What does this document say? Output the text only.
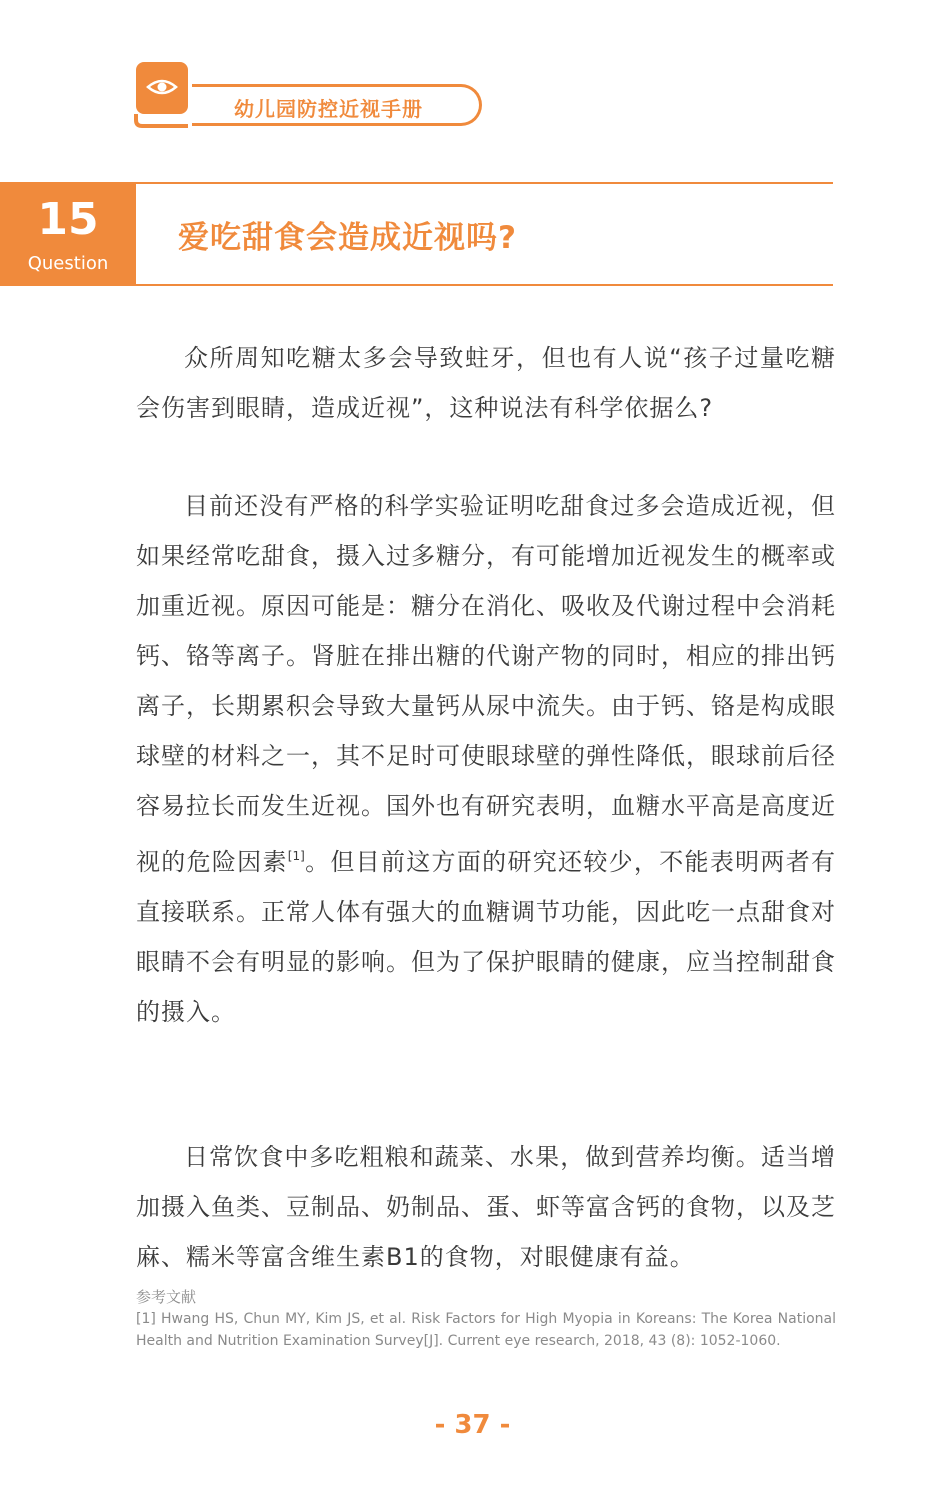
幼儿园防控近视手册
15
Question
爱吃甜食会造成近视吗?

众所周知吃糖太多会导致蛀牙，但也有人说“孩子过量吃糖会伤害到眼睛，造成近视”，这种说法有科学依据么?

目前还没有严格的科学实验证明吃甜食过多会造成近视，但如果经常吃甜食，摄入过多糖分，有可能增加近视发生的概率或加重近视。原因可能是：糖分在消化、吸收及代谢过程中会消耗钙、铬等离子。肾脏在排出糖的代谢产物的同时，相应的排出钙离子，长期累积会导致大量钙从尿中流失。由于钙、铬是构成眼球壁的材料之一，其不足时可使眼球壁的弹性降低，眼球前后径容易拉长而发生近视。国外也有研究表明，血糖水平高是高度近视的危险因素[1]。但目前这方面的研究还较少，不能表明两者有直接联系。正常人体有强大的血糖调节功能，因此吃一点甜食对眼睛不会有明显的影响。但为了保护眼睛的健康，应当控制甜食的摄入。

日常饮食中多吃粗粮和蔬菜、水果，做到营养均衡。适当增加摄入鱼类、豆制品、奶制品、蛋、虾等富含钙的食物，以及芝麻、糯米等富含维生素B1的食物，对眼健康有益。

参考文献

[1] Hwang HS, Chun MY, Kim JS, et al. Risk Factors for High Myopia in Koreans: The Korea National Health and Nutrition Examination Survey[J]. Current eye research, 2018, 43 (8): 1052-1060.

- 37 -
